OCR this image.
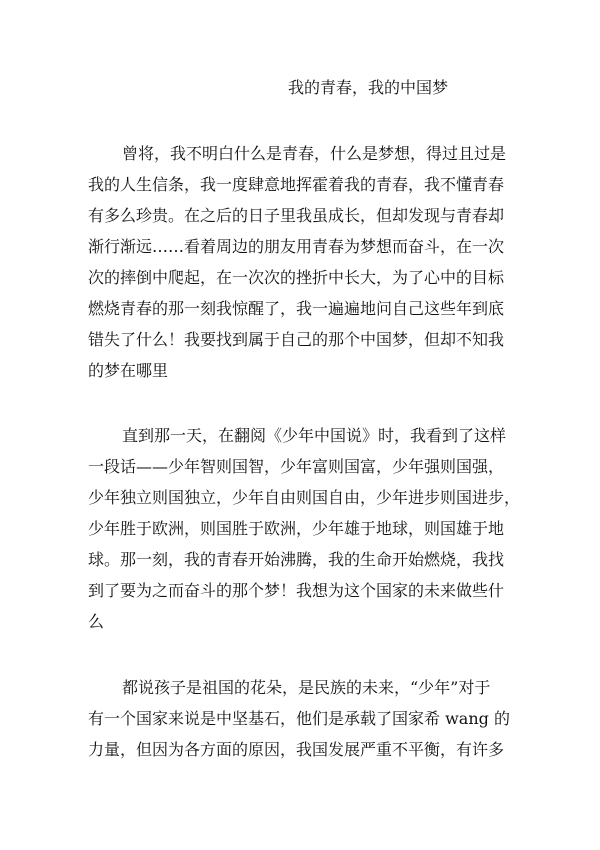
我的青春，我的中国梦
曾将，我不明白什么是青春，什么是梦想，得过且过是
我的人生信条，我一度肆意地挥霍着我的青春，我不懂青春
有多么珍贵。在之后的日子里我虽成长，但却发现与青春却
渐行渐远……看着周边的朋友用青春为梦想而奋斗，在一次
次的摔倒中爬起，在一次次的挫折中长大，为了心中的目标
燃烧青春的那一刻我惊醒了，我一遍遍地问自己这些年到底
错失了什么！我要找到属于自己的那个中国梦，但却不知我
的梦在哪里
直到那一天，在翻阅《少年中国说》时，我看到了这样
一段话——少年智则国智，少年富则国富，少年强则国强，
少年独立则国独立，少年自由则国自由，少年进步则国进步，
少年胜于欧洲，则国胜于欧洲，少年雄于地球，则国雄于地
球。那一刻，我的青春开始沸腾，我的生命开始燃烧，我找
到了要为之而奋斗的那个梦！我想为这个国家的未来做些什
么
都说孩子是祖国的花朵，是民族的未来，“少年”对于
有一个国家来说是中坚基石，他们是承载了国家希 wang 的
力量，但因为各方面的原因，我国发展严重不平衡，有许多
